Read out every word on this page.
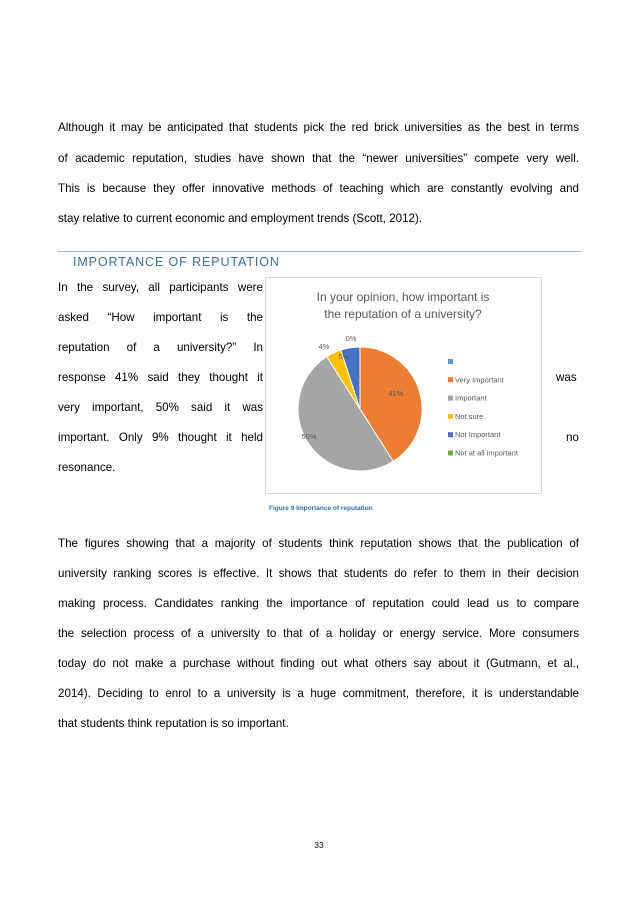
Although it may be anticipated that students pick the red brick universities as the best in terms
of academic reputation, studies have shown that the “newer universities” compete very well.
This is because they offer innovative methods of teaching which are constantly evolving and
stay relative to current economic and employment trends (Scott, 2012).
IMPORTANCE OF REPUTATION
In the survey, all participants were
asked “How important is the
reputation of a university?” In
response 41% said they thought it
very important, 50% said it was
important. Only 9% thought it held
resonance.
was
no
In your opinion, how important is
the reputation of a university?
41%
50%
4%
5%
0%
Very Important
Important
Not sure
Not Important
Not at all important
Figure 9 Importance of reputation
The figures showing that a majority of students think reputation shows that the publication of
university ranking scores is effective. It shows that students do refer to them in their decision
making process. Candidates ranking the importance of reputation could lead us to compare
the selection process of a university to that of a holiday or energy service. More consumers
today do not make a purchase without finding out what others say about it (Gutmann, et al.,
2014). Deciding to enrol to a university is a huge commitment, therefore, it is understandable
that students think reputation is so important.
33
